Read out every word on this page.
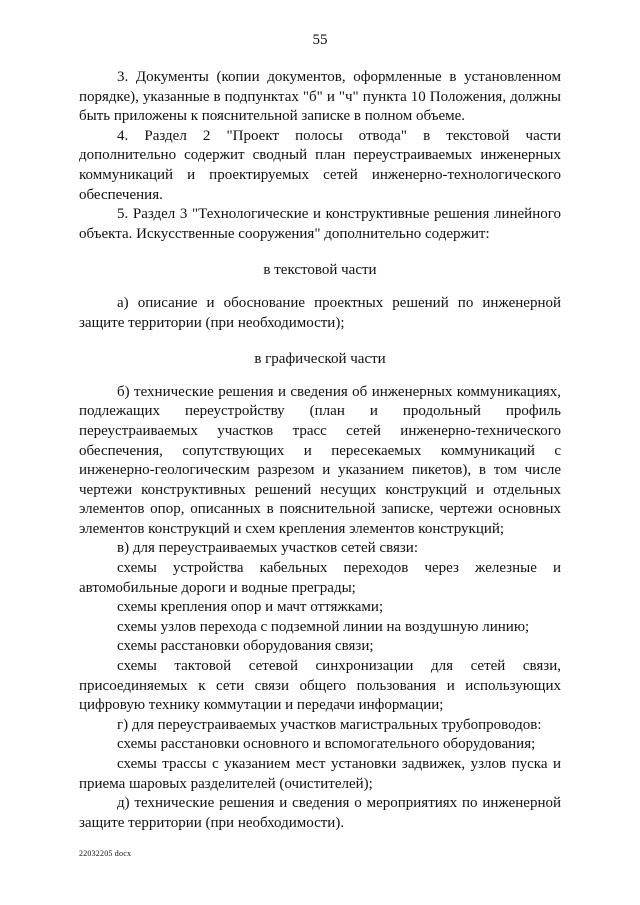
55

3. Документы (копии документов, оформленные в установленном порядке), указанные в подпунктах "б" и "ч" пункта 10 Положения, должны быть приложены к пояснительной записке в полном объеме.

4. Раздел 2 "Проект полосы отвода" в текстовой части дополнительно содержит сводный план переустраиваемых инженерных коммуникаций и проектируемых сетей инженерно-технологического обеспечения.

5. Раздел 3 "Технологические и конструктивные решения линейного объекта. Искусственные сооружения" дополнительно содержит:

в текстовой части

а) описание и обоснование проектных решений по инженерной защите территории (при необходимости);

в графической части

б) технические решения и сведения об инженерных коммуникациях, подлежащих переустройству (план и продольный профиль переустраиваемых участков трасс сетей инженерно-технического обеспечения, сопутствующих и пересекаемых коммуникаций с инженерно-геологическим разрезом и указанием пикетов), в том числе чертежи конструктивных решений несущих конструкций и отдельных элементов опор, описанных в пояснительной записке, чертежи основных элементов конструкций и схем крепления элементов конструкций;

в) для переустраиваемых участков сетей связи:

схемы устройства кабельных переходов через железные и автомобильные дороги и водные преграды;

схемы крепления опор и мачт оттяжками;

схемы узлов перехода с подземной линии на воздушную линию;

схемы расстановки оборудования связи;

схемы тактовой сетевой синхронизации для сетей связи, присоединяемых к сети связи общего пользования и использующих цифровую технику коммутации и передачи информации;

г) для переустраиваемых участков магистральных трубопроводов:

схемы расстановки основного и вспомогательного оборудования;

схемы трассы с указанием мест установки задвижек, узлов пуска и приема шаровых разделителей (очистителей);

д) технические решения и сведения о мероприятиях по инженерной защите территории (при необходимости).

22032205 docx
